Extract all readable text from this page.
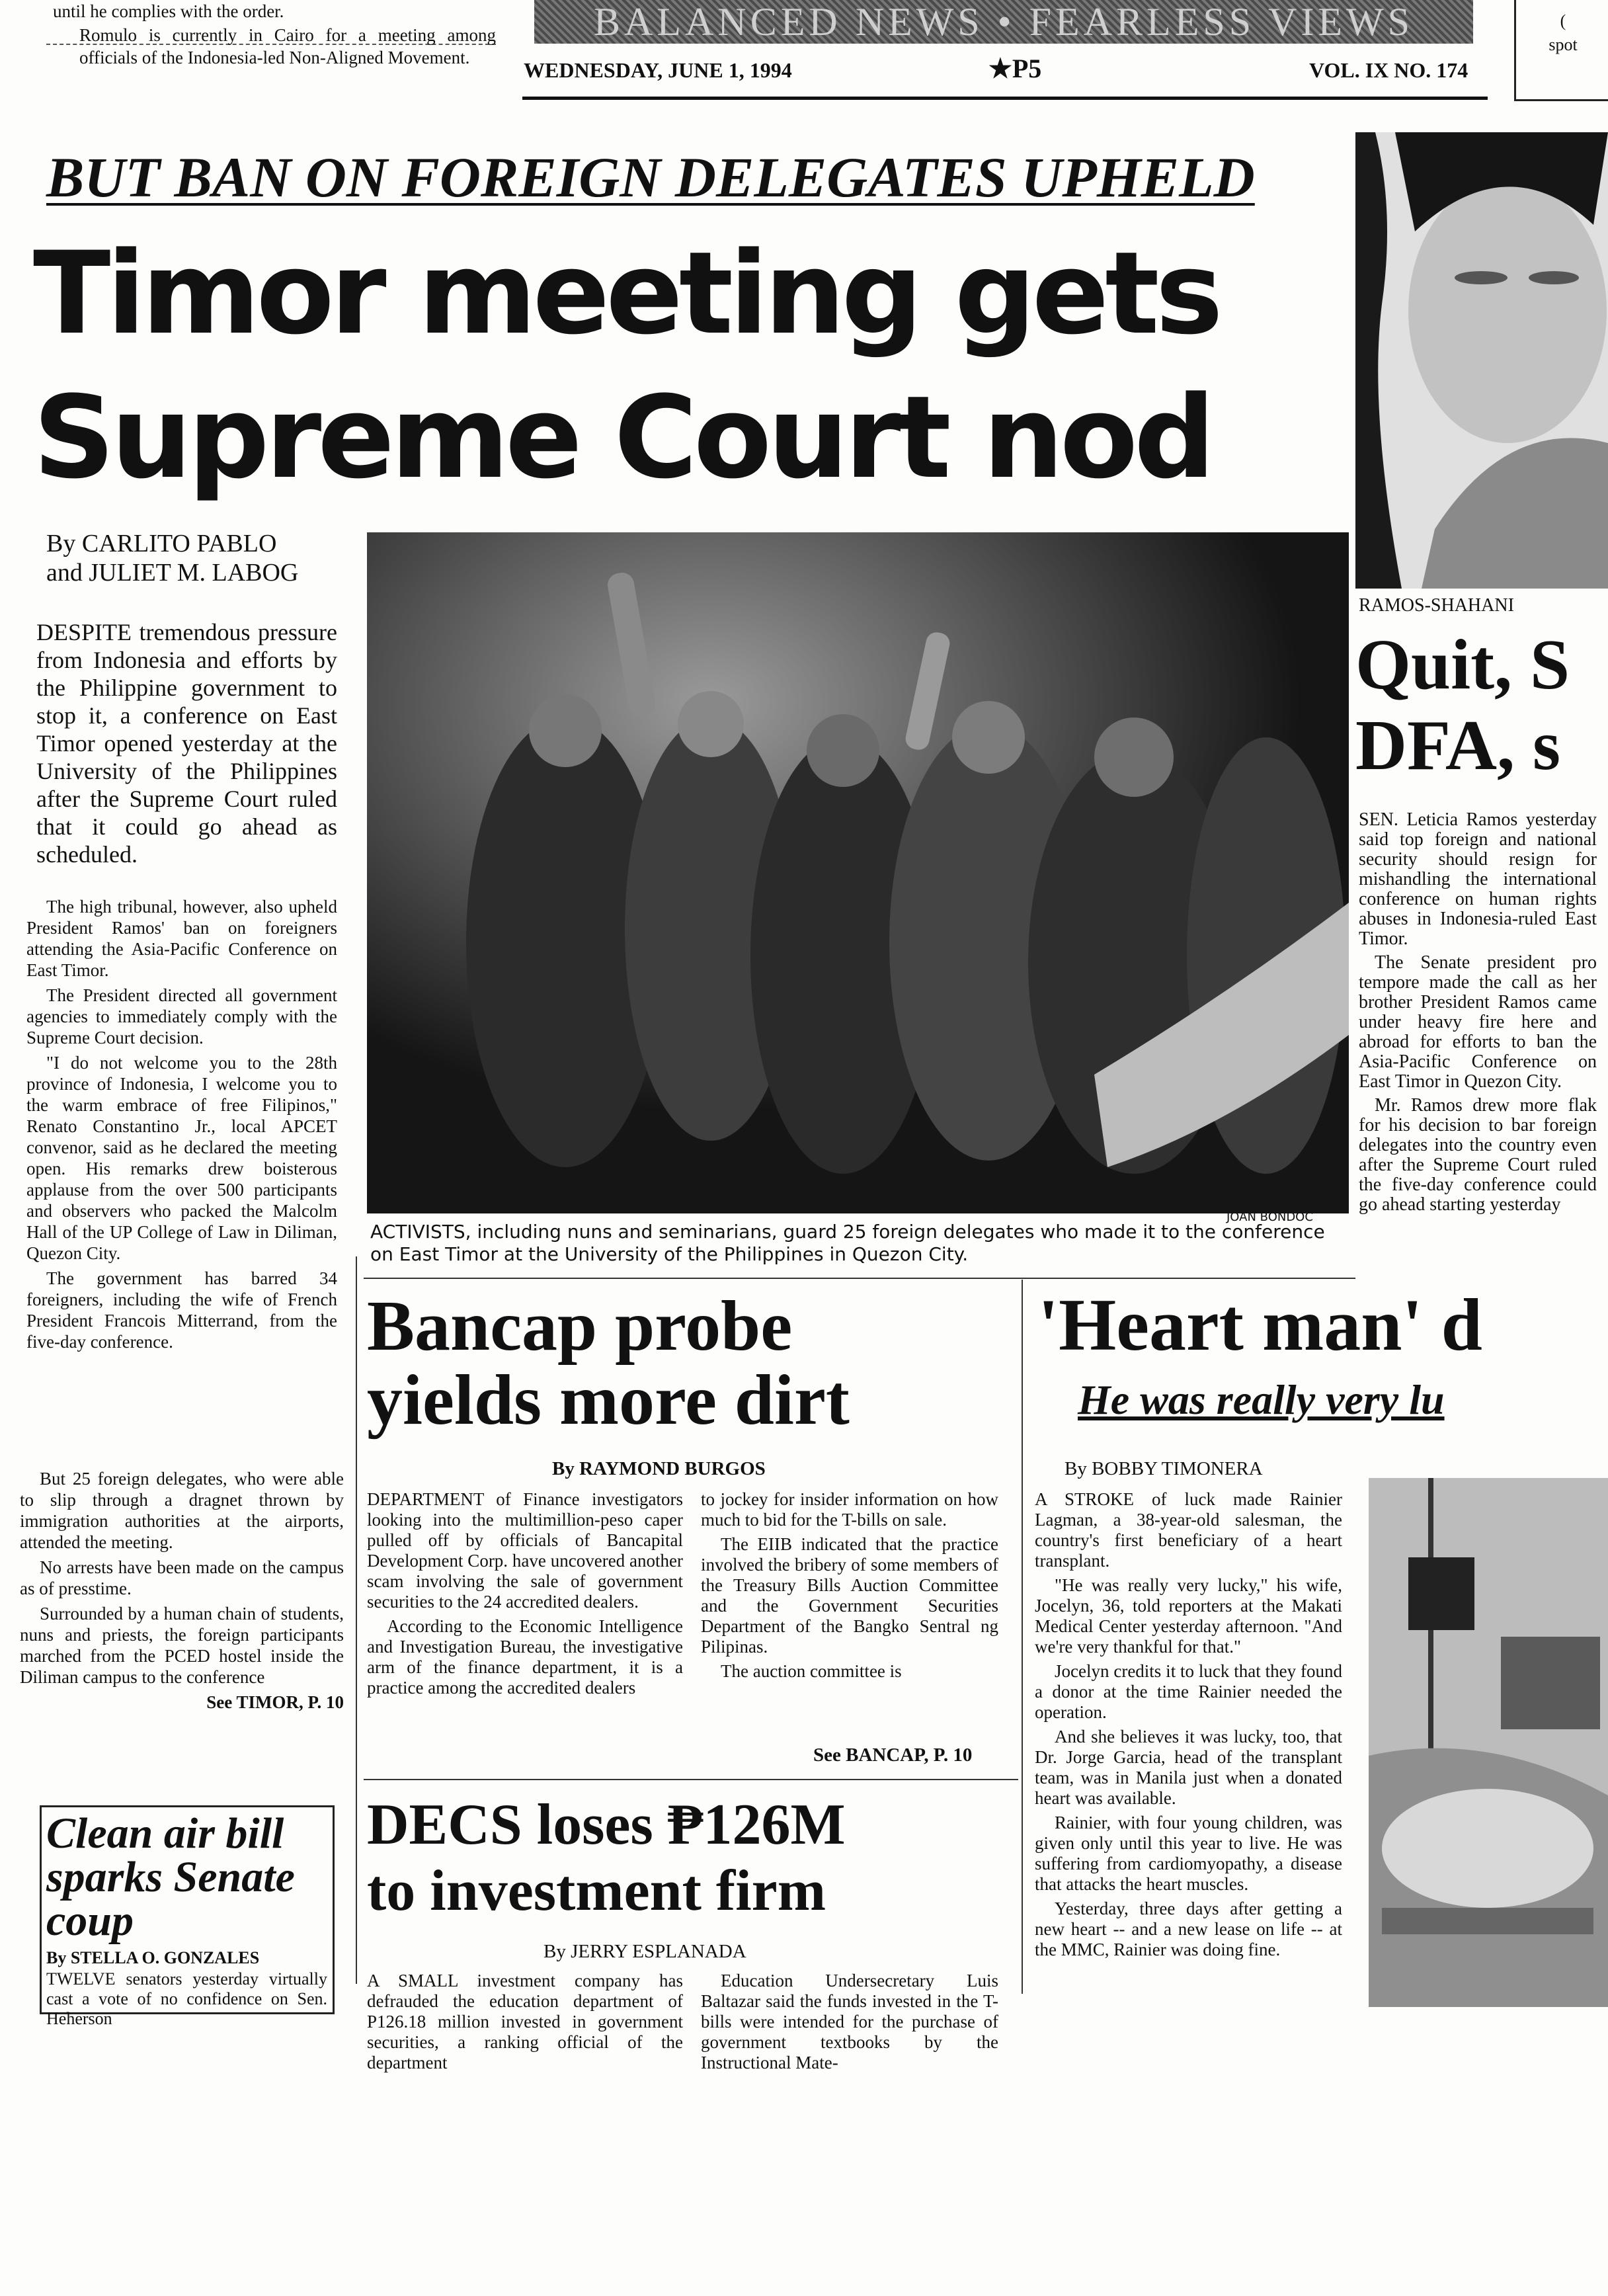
until he complies with the order.
Romulo is currently in Cairo for a meeting among officials of the Indonesia-led Non-Aligned Movement.
BALANCED NEWS • FEARLESS VIEWS
WEDNESDAY, JUNE 1, 1994	★P5	VOL. IX NO. 174
(
spot
BUT BAN ON FOREIGN DELEGATES UPHELD
Timor meeting gets
Supreme Court nod
By CARLITO PABLO
and JULIET M. LABOG
DESPITE tremendous pressure from Indonesia and efforts by the Philippine government to stop it, a conference on East Timor opened yesterday at the University of the Philippines after the Supreme Court ruled that it could go ahead as scheduled.

The high tribunal, however, also upheld President Ramos' ban on foreigners attending the Asia-Pacific Conference on East Timor.

The President directed all government agencies to immediately comply with the Supreme Court decision.

"I do not welcome you to the 28th province of Indonesia, I welcome you to the warm embrace of free Filipinos," Renato Constantino Jr., local APCET convenor, said as he declared the meeting open. His remarks drew boisterous applause from the over 500 participants and observers who packed the Malcolm Hall of the UP College of Law in Diliman, Quezon City.

The government has barred 34 foreigners, including the wife of French President Francois Mitterrand, from the five-day conference.

But 25 foreign delegates, who were able to slip through a dragnet thrown by immigration authorities at the airports, attended the meeting.

No arrests have been made on the campus as of presstime.

Surrounded by a human chain of students, nuns and priests, the foreign participants marched from the PCED hostel inside the Diliman campus to the conference

See TIMOR, P. 10

JOAN BONDOC
ACTIVISTS, including nuns and seminarians, guard 25 foreign delegates who made it to the conference on East Timor at the University of the Philippines in Quezon City.
Bancap probe
yields more dirt
By RAYMOND BURGOS

DEPARTMENT of Finance investigators looking into the multimillion-peso caper pulled off by officials of Bancapital Development Corp. have uncovered another scam involving the sale of government securities to the 24 accredited dealers.

According to the Economic Intelligence and Investigation Bureau, the investigative arm of the finance department, it is a practice among the accredited dealers

to jockey for insider information on how much to bid for the T-bills on sale.

The EIIB indicated that the practice involved the bribery of some members of the Treasury Bills Auction Committee and the Government Securities Department of the Bangko Sentral ng Pilipinas.

The auction committee is

See BANCAP, P. 10
DECS loses ₱126M
to investment firm
By JERRY ESPLANADA
A SMALL investment company has defrauded the education department of P126.18 million invested in government securities, a ranking official of the department
Education Undersecretary Luis Baltazar said the funds invested in the T-bills were intended for the purchase of government textbooks by the Instructional Mate-
Clean air bill sparks Senate coup
By STELLA O. GONZALES
TWELVE senators yesterday virtually cast a vote of no confidence on Sen. Heherson
RAMOS-SHAHANI
Quit, S
DFA, s

SEN. Leticia Ramos yesterday said top foreign and national security should resign for mishandling the international conference on human rights abuses in Indonesia-ruled East Timor.

The Senate president pro tempore made the call as her brother President Ramos came under heavy fire here and abroad for efforts to ban the Asia-Pacific Conference on East Timor in Quezon City.

Mr. Ramos drew more flak for his decision to bar foreign delegates into the country even after the Supreme Court ruled the five-day conference could go ahead starting yesterday

'Heart man' d
He was really very lu
By BOBBY TIMONERA

A STROKE of luck made Rainier Lagman, a 38-year-old salesman, the country's first beneficiary of a heart transplant.

"He was really very lucky," his wife, Jocelyn, 36, told reporters at the Makati Medical Center yesterday afternoon. "And we're very thankful for that."

Jocelyn credits it to luck that they found a donor at the time Rainier needed the operation.

And she believes it was lucky, too, that Dr. Jorge Garcia, head of the transplant team, was in Manila just when a donated heart was available.

Rainier, with four young children, was given only until this year to live. He was suffering from cardiomyopathy, a disease that attacks the heart muscles.

Yesterday, three days after getting a new heart -- and a new lease on life -- at the MMC, Rainier was doing fine.
